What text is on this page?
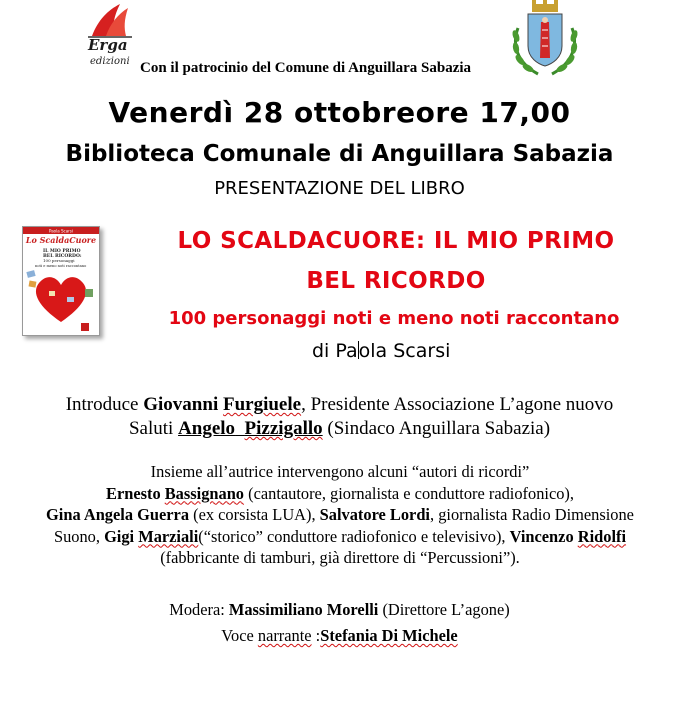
Erga
edizioni Con il patrocinio del Comune di Anguillara Sabazia
Venerdì 28 ottobreore 17,00
Biblioteca Comunale di Anguillara Sabazia
PRESENTAZIONE DEL LIBRO
Paola Scarsi
Lo ScaldaCuore
IL MIO PRIMO
BEL RICORDO:
100 personaggi
noti e meno noti raccontano
LO SCALDACUORE: IL MIO PRIMO
BEL RICORDO
100 personaggi noti e meno noti raccontano
di Paola Scarsi
Introduce Giovanni Furgiuele, Presidente Associazione L’agone nuovo
Saluti Angelo Pizzigallo (Sindaco Anguillara Sabazia)
Insieme all’autrice intervengono alcuni “autori di ricordi”
Ernesto Bassignano (cantautore, giornalista e conduttore radiofonico),
Gina Angela Guerra (ex corsista LUA), Salvatore Lordi, giornalista Radio Dimensione Suono, Gigi Marziali(“storico” conduttore radiofonico e televisivo), Vincenzo Ridolfi (fabbricante di tamburi, già direttore di “Percussioni”).
Modera: Massimiliano Morelli (Direttore L’agone)
Voce narrante :Stefania Di Michele
